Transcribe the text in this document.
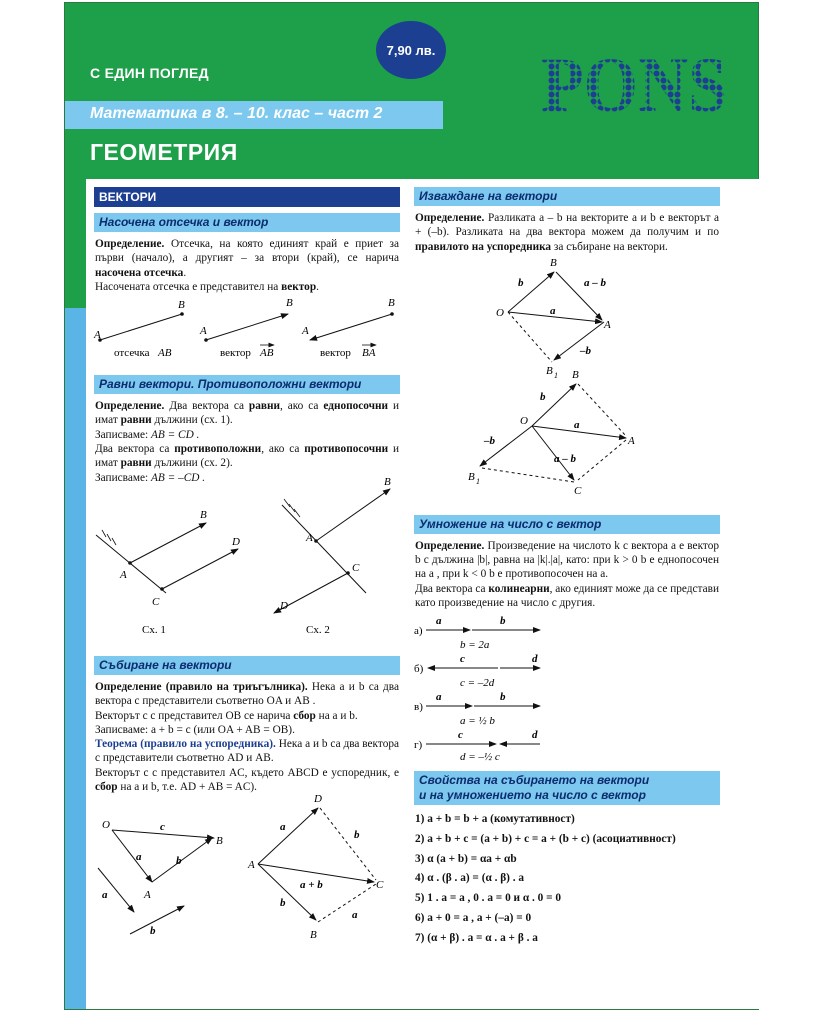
7,90 лв.
С ЕДИН ПОГЛЕД	PONS
Математика в 8. – 10. клас – част 2
ГЕОМЕТРИЯ
ВЕКТОРИ
Насочена отсечка и вектор
Определение. Отсечка, на която единият край е приет за първи (начало), а другият – за втори (край), се нарича насочена отсечка.
Насочената отсечка е представител на вектор.
A
B
отсечка AB
A
B
вектор AB
A
B
вектор BA
Равни вектори. Противоположни вектори
Определение. Два вектора са равни, ако са еднопосочни и имат равни дължини (сх. 1).
Записваме: AB = CD .
Два вектора са противоположни, ако са противопосочни и имат равни дължини (сх. 2).
Записваме: AB = –CD .
A
B
C
D
Сх. 1
A
B
C
D
Сх. 2
Събиране на вектори
Определение (правило на триъгълника). Нека a и b са два вектора с представители съответно OA и AB .
Векторът c с представител OB се нарича сбор на a и b.
Записваме: a + b = c (или OA + AB = OB).
Теорема (правило на успоредника). Нека a и b са два вектора с представители съответно AD и AB.
Векторът c с представител AC, където ABCD е успоредник, е сбор на a и b, т.е. AD + AB = AC).
O
A
B
c
a	b
a
b
A
D
B
C
a
b
a + b
b
a
Изваждане на вектори
Определение. Разликата a – b на векторите a и b е векторът a + (–b). Разликата на два вектора можем да получим и по правилото на успоредника за събиране на вектори.
O
B
A
B 1
b
a
a – b
–b
O
B
A
C
B 1
b
a
a – b
–b
Умножение на число с вектор
Определение. Произведение на числото k с вектора a е вектор b с дължина |b|, равна на |k|.|a|, като: при k > 0 b е еднопосочен на a , при k < 0 b е противопосочен на a.
Два вектора са колинеарни, ако единият може да се представи като произведение на число с другия.
а)
a	b
b = 2a
б)
c	d
c = –2d
в)
a	b
a = ½ b
г)
c	d
d = –½ c
Свойства на събирането на вектори
и на умножението на число с вектор
1) a + b = b + a (комутативност)
2) a + b + c = (a + b) + c = a + (b + c) (асоциативност)
3) α (a + b) = αa + αb
4) α . (β . a) = (α . β) . a
5) 1 . a = a , 0 . a = 0 и α . 0 = 0
6) a + 0 = a , a + (–a) = 0
7) (α + β) . a = α . a + β . a
